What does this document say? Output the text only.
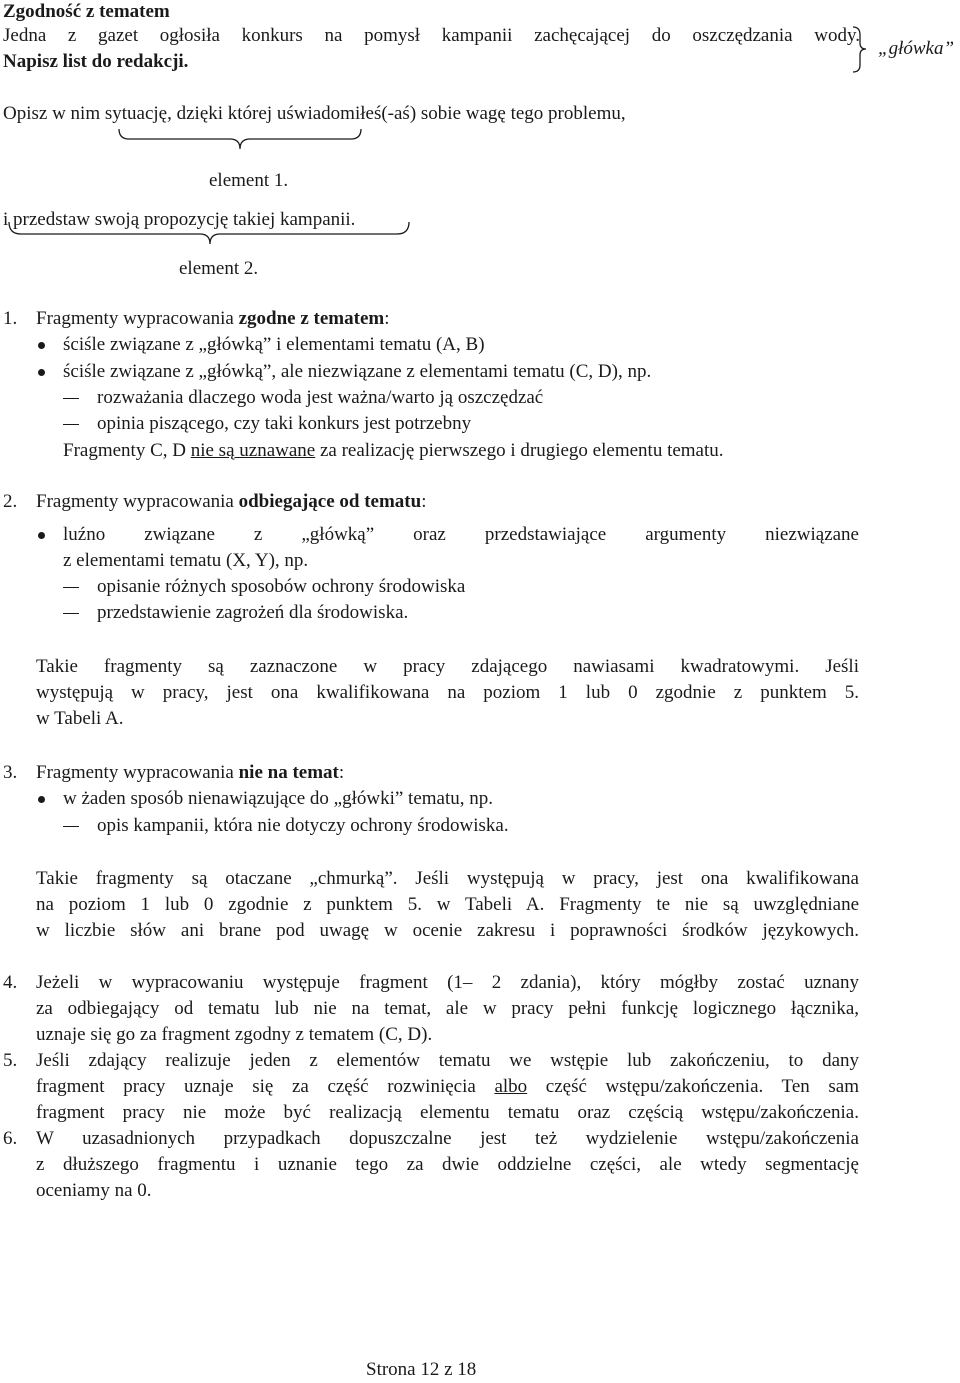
Zgodność z tematem
Jedna z gazet ogłosiła konkurs na pomysł kampanii zachęcającej do oszczędzania wody.
Napisz list do redakcji.
„główka”
Opisz w nim sytuację, dzięki której uświadomiłeś(-aś) sobie wagę tego problemu,
element 1.
i przedstaw swoją propozycję takiej kampanii.
element 2.
1. Fragmenty wypracowania zgodne z tematem:
ściśle związane z „główką” i elementami tematu (A, B)
ściśle związane z „główką”, ale niezwiązane z elementami tematu (C, D), np.
rozważania dlaczego woda jest ważna/warto ją oszczędzać
opinia piszącego, czy taki konkurs jest potrzebny
Fragmenty C, D nie są uznawane za realizację pierwszego i drugiego elementu tematu.
2. Fragmenty wypracowania odbiegające od tematu:
luźno związane z „główką” oraz przedstawiające argumenty niezwiązane
z elementami tematu (X, Y), np.
opisanie różnych sposobów ochrony środowiska
przedstawienie zagrożeń dla środowiska.
Takie fragmenty są zaznaczone w pracy zdającego nawiasami kwadratowymi. Jeśli
występują w pracy, jest ona kwalifikowana na poziom 1 lub 0 zgodnie z punktem 5.
w Tabeli A.
3. Fragmenty wypracowania nie na temat:
w żaden sposób nienawiązujące do „główki” tematu, np.
opis kampanii, która nie dotyczy ochrony środowiska.
Takie fragmenty są otaczane „chmurką”. Jeśli występują w pracy, jest ona kwalifikowana
na poziom 1 lub 0 zgodnie z punktem 5. w Tabeli A. Fragmenty te nie są uwzględniane
w liczbie słów ani brane pod uwagę w ocenie zakresu i poprawności środków językowych.
4. Jeżeli w wypracowaniu występuje fragment (1– 2 zdania), który mógłby zostać uznany
za odbiegający od tematu lub nie na temat, ale w pracy pełni funkcję logicznego łącznika,
uznaje się go za fragment zgodny z tematem (C, D).
5. Jeśli zdający realizuje jeden z elementów tematu we wstępie lub zakończeniu, to dany
fragment pracy uznaje się za część rozwinięcia albo część wstępu/zakończenia. Ten sam
fragment pracy nie może być realizacją elementu tematu oraz częścią wstępu/zakończenia.
6. W uzasadnionych przypadkach dopuszczalne jest też wydzielenie wstępu/zakończenia
z dłuższego fragmentu i uznanie tego za dwie oddzielne części, ale wtedy segmentację
oceniamy na 0.
Strona 12 z 18
